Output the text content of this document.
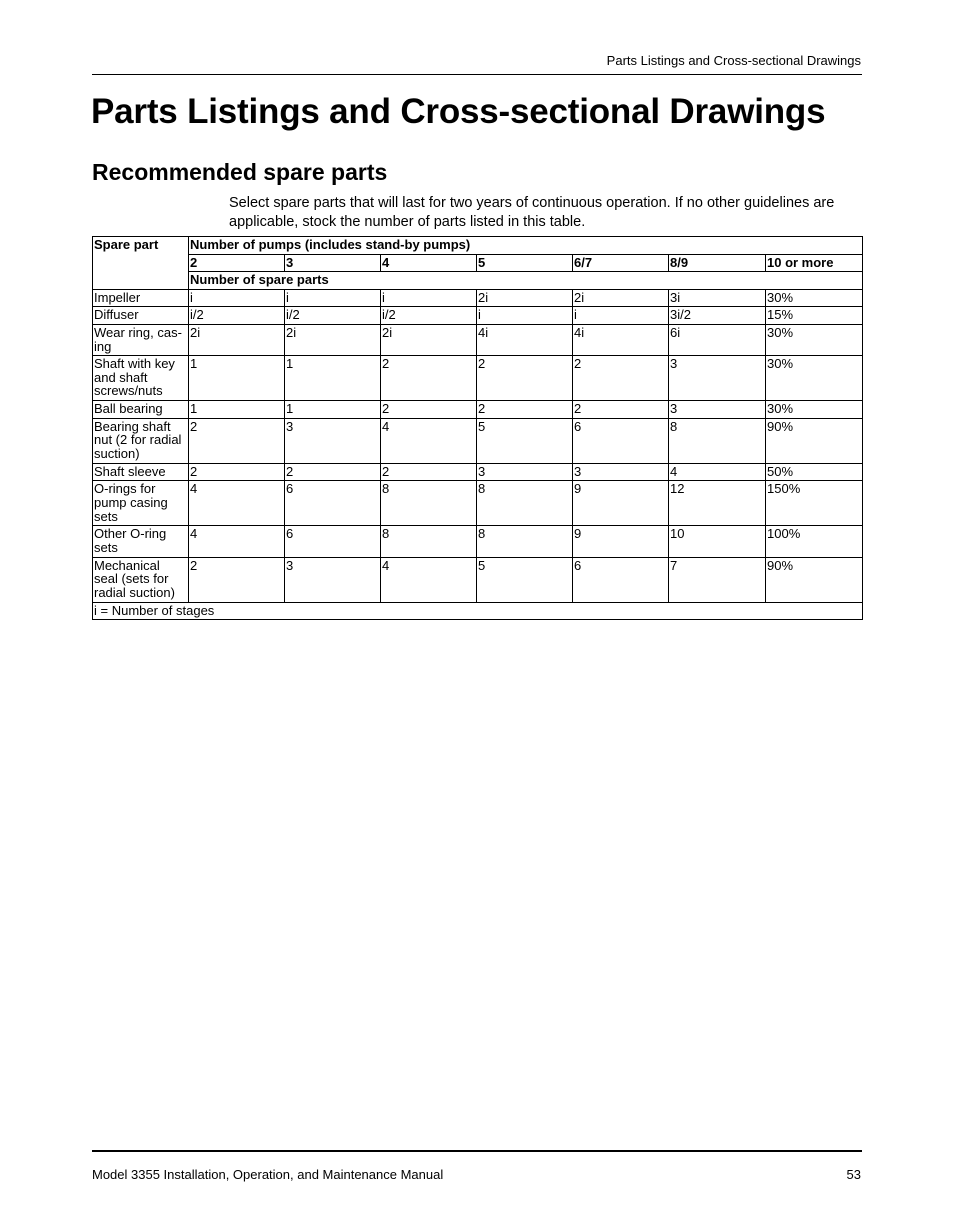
Parts Listings and Cross-sectional Drawings
Parts Listings and Cross-sectional Drawings
Recommended spare parts

Select spare parts that will last for two years of continuous operation. If no other guidelines are applicable, stock the number of parts listed in this table.

Spare part	Number of pumps (includes stand-by pumps)						
	2	3	4	5	6/7	8/9	10 or more
	Number of spare parts						
Impeller	i	i	i	2i	2i	3i	30%
Diffuser	i/2	i/2	i/2	i	i	3i/2	15%
Wear ring, cas-ing	2i	2i	2i	4i	4i	6i	30%
Shaft with key and shaft screws/nuts	1	1	2	2	2	3	30%
Ball bearing	1	1	2	2	2	3	30%
Bearing shaft nut (2 for radial suction)	2	3	4	5	6	8	90%
Shaft sleeve	2	2	2	3	3	4	50%
O-rings for pump casing sets	4	6	8	8	9	12	150%
Other O-ring sets	4	6	8	8	9	10	100%
Mechanical seal (sets for radial suction)	2	3	4	5	6	7	90%
i = Number of stages							
Model 3355 Installation, Operation, and Maintenance Manual	53
